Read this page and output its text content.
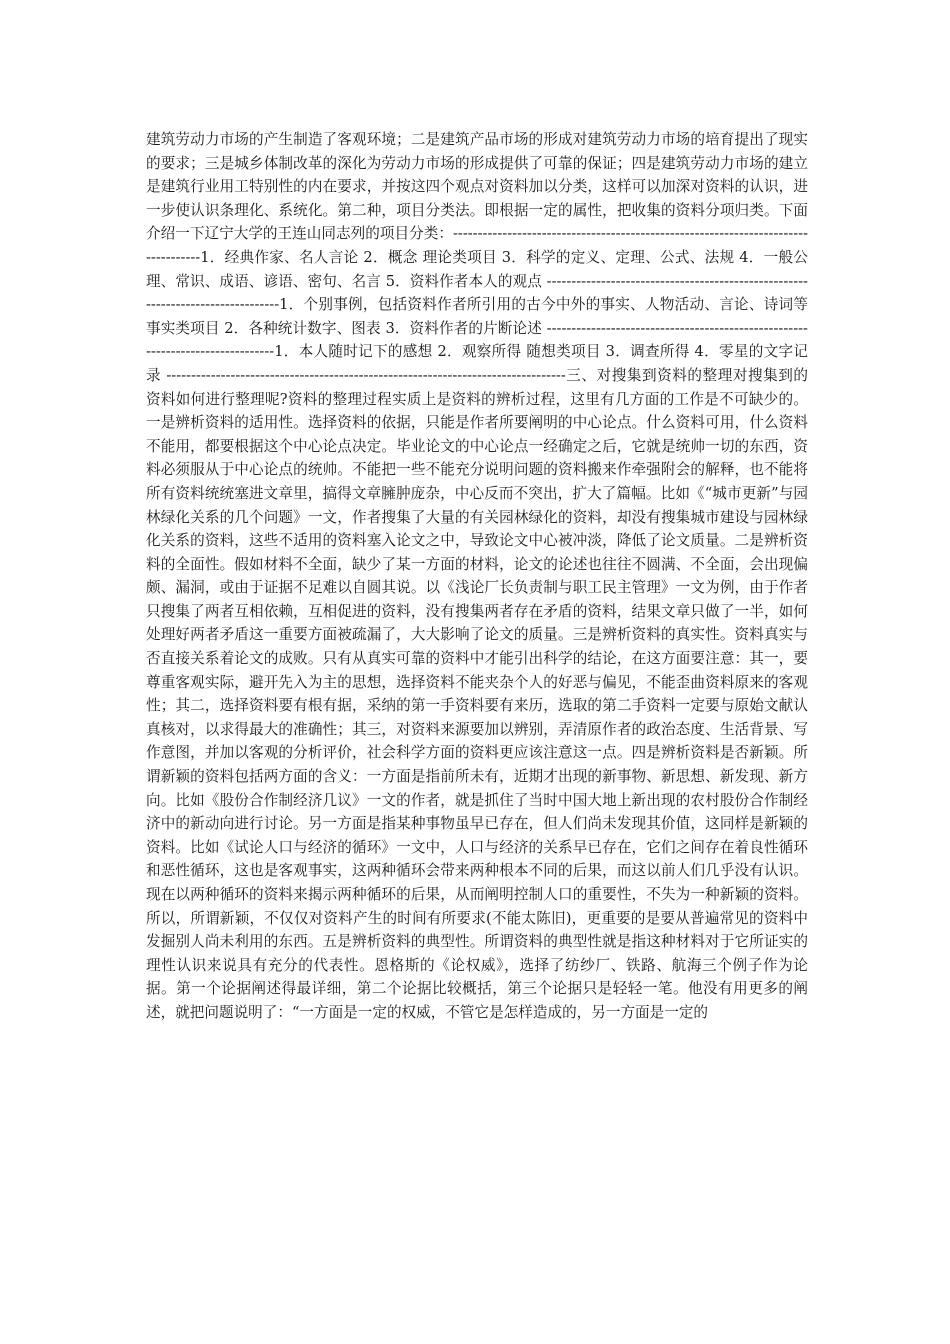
建筑劳动力市场的产生制造了客观环境；二是建筑产品市场的形成对建筑劳动力市场的培育提出了现实的要求；三是城乡体制改革的深化为劳动力市场的形成提供了可靠的保证；四是建筑劳动力市场的建立是建筑行业用工特别性的内在要求，并按这四个观点对资料加以分类，这样可以加深对资料的认识，进一步使认识条理化、系统化。第二种，项目分类法。即根据一定的属性，把收集的资料分项归类。下面介绍一下辽宁大学的王连山同志列的项目分类：-----------------------------------------------------------------------------------1．经典作家、名人言论 2．概念 理论类项目 3．科学的定义、定理、公式、法规 4．一般公理、常识、成语、谚语、密句、名言 5．资料作者本人的观点 --------------------------------------------------------------------------------1．个别事例，包括资料作者所引用的古今中外的事实、人物活动、言论、诗词等 事实类项目 2．各种统计数字、图表 3．资料作者的片断论述 -------------------------------------------------------------------------------1．本人随时记下的感想 2．观察所得 随想类项目 3．调查所得 4．零星的文字记录 ---------------------------------------------------------------------------------三、对搜集到资料的整理对搜集到的资料如何进行整理呢?资料的整理过程实质上是资料的辨析过程，这里有几方面的工作是不可缺少的。一是辨析资料的适用性。选择资料的依据，只能是作者所要阐明的中心论点。什么资料可用，什么资料不能用，都要根据这个中心论点决定。毕业论文的中心论点一经确定之后，它就是统帅一切的东西，资料必须服从于中心论点的统帅。不能把一些不能充分说明问题的资料搬来作牵强附会的解释，也不能将所有资料统统塞进文章里，搞得文章臃肿庞杂，中心反而不突出，扩大了篇幅。比如《“城市更新”与园林绿化关系的几个问题》一文，作者搜集了大量的有关园林绿化的资料，却没有搜集城市建设与园林绿化关系的资料，这些不适用的资料塞入论文之中，导致论文中心被冲淡，降低了论文质量。二是辨析资料的全面性。假如材料不全面，缺少了某一方面的材料，论文的论述也往往不圆满、不全面，会出现偏颇、漏洞，或由于证据不足难以自圆其说。以《浅论厂长负责制与职工民主管理》一文为例，由于作者只搜集了两者互相依赖，互相促进的资料，没有搜集两者存在矛盾的资料，结果文章只做了一半，如何处理好两者矛盾这一重要方面被疏漏了，大大影响了论文的质量。三是辨析资料的真实性。资料真实与否直接关系着论文的成败。只有从真实可靠的资料中才能引出科学的结论，在这方面要注意：其一，要尊重客观实际，避开先入为主的思想，选择资料不能夹杂个人的好恶与偏见，不能歪曲资料原来的客观性；其二，选择资料要有根有据，采纳的第一手资料要有来历，选取的第二手资料一定要与原始文献认真核对，以求得最大的准确性；其三，对资料来源要加以辨别，弄清原作者的政治态度、生活背景、写作意图，并加以客观的分析评价，社会科学方面的资料更应该注意这一点。四是辨析资料是否新颖。所谓新颖的资料包括两方面的含义：一方面是指前所未有，近期才出现的新事物、新思想、新发现、新方向。比如《股份合作制经济几议》一文的作者，就是抓住了当时中国大地上新出现的农村股份合作制经济中的新动向进行讨论。另一方面是指某种事物虽早已存在，但人们尚未发现其价值，这同样是新颖的资料。比如《试论人口与经济的循环》一文中，人口与经济的关系早已存在，它们之间存在着良性循环和恶性循环，这也是客观事实，这两种循环会带来两种根本不同的后果，而这以前人们几乎没有认识。现在以两种循环的资料来揭示两种循环的后果，从而阐明控制人口的重要性，不失为一种新颖的资料。所以，所谓新颖，不仅仅对资料产生的时间有所要求(不能太陈旧)，更重要的是要从普遍常见的资料中发掘别人尚未利用的东西。五是辨析资料的典型性。所谓资料的典型性就是指这种材料对于它所证实的理性认识来说具有充分的代表性。恩格斯的《论权威》，选择了纺纱厂、铁路、航海三个例子作为论据。第一个论据阐述得最详细，第二个论据比较概括，第三个论据只是轻轻一笔。他没有用更多的阐述，就把问题说明了：“一方面是一定的权威，不管它是怎样造成的，另一方面是一定的
